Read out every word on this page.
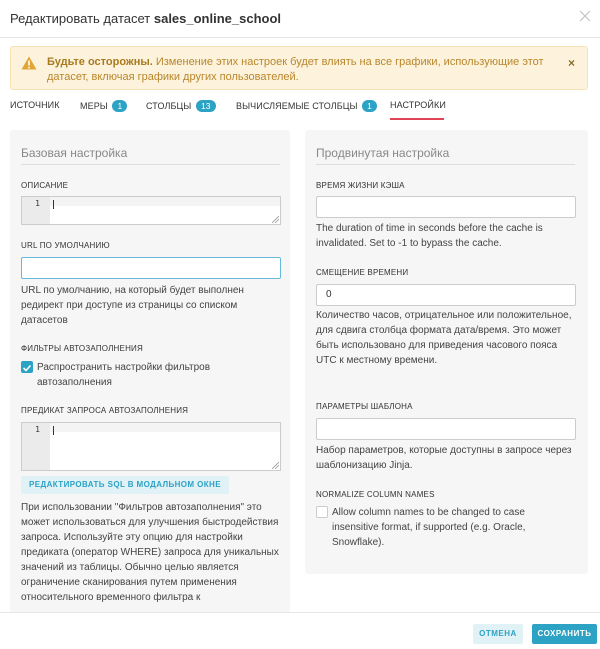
Редактировать датасет sales_online_school
Будьте осторожны. Изменение этих настроек будет влиять на все графики, использующие этот датасет, включая графики других пользователей.
×
ИСТОЧНИК МЕРЫ 1	СТОЛБЦЫ 13	ВЫЧИСЛЯЕМЫЕ СТОЛБЦЫ 1	НАСТРОЙКИ
Базовая настройка
ОПИСАНИЕ
1
URL ПО УМОЛЧАНИЮ
URL по умолчанию, на который будет выполнен редирект при доступе из страницы со списком датасетов
ФИЛЬТРЫ АВТОЗАПОЛНЕНИЯ
Распространить настройки фильтров автозаполнения
ПРЕДИКАТ ЗАПРОСА АВТОЗАПОЛНЕНИЯ
1
РЕДАКТИРОВАТЬ SQL В МОДАЛЬНОМ ОКНЕ
При использовании "Фильтров автозаполнения" это может использоваться для улучшения быстродействия запроса. Используйте эту опцию для настройки предиката (оператор WHERE) запроса для уникальных значений из таблицы. Обычно целью является ограничение сканирования путем применения относительного временного фильтра к
Продвинутая настройка
ВРЕМЯ ЖИЗНИ КЭША
The duration of time in seconds before the cache is invalidated. Set to -1 to bypass the cache.
СМЕЩЕНИЕ ВРЕМЕНИ
0
Количество часов, отрицательное или положительное, для сдвига столбца формата дата/время. Это может быть использовано для приведения часового пояса UTC к местному времени.
ПАРАМЕТРЫ ШАБЛОНА
Набор параметров, которые доступны в запросе через шаблонизацию Jinja.
NORMALIZE COLUMN NAMES
Allow column names to be changed to case insensitive format, if supported (e.g. Oracle, Snowflake).
ОТМЕНА	СОХРАНИТЬ
